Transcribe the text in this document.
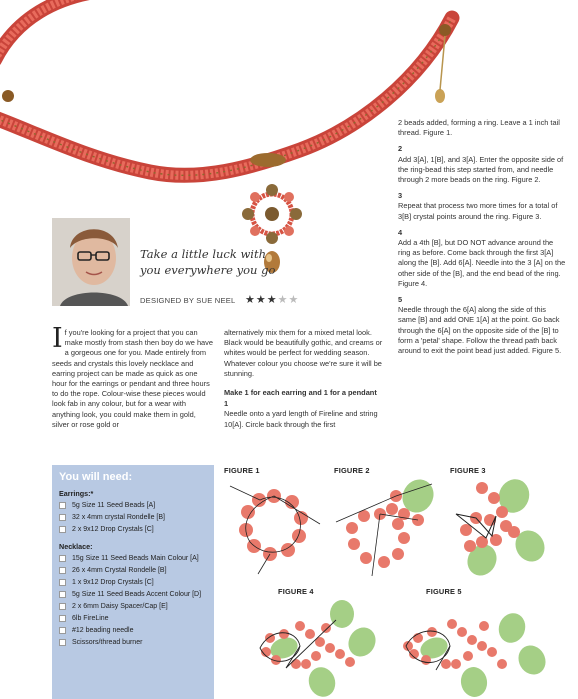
Take a little luck with
you everywhere you go
DESIGNED BY SUE NEEL ★★★★★
I f you're looking for a project that you can make mostly from stash then boy do we have a gorgeous one for you. Made entirely from seeds and crystals this lovely necklace and earring project can be made as quick as one hour for the earrings or pendant and three hours to do the rope. Colour-wise these pieces would look fab in any colour, but for a wear with anything look, you could make them in gold, silver or rose gold or
alternatively mix them for a mixed metal look. Black would be beautifully gothic, and creams or whites would be perfect for wedding season. Whatever colour you choose we're sure it will be stunning.
Make 1 for each earring and 1 for a pendant
1
Needle onto a yard length of Fireline and string 10[A]. Circle back through the first
2 beads added, forming a ring. Leave a 1 inch tail thread. Figure 1.
2
Add 3[A], 1[B], and 3[A]. Enter the opposite side of the ring-bead this step started from, and needle through 2 more beads on the ring. Figure 2.
3
Repeat that process two more times for a total of 3[B] crystal points around the ring. Figure 3.
4
Add a 4th [B], but DO NOT advance around the ring as before. Come back through the first 3[A] along the [B]. Add 6[A]. Needle into the 3 [A] on the other side of the [B], and the end bead of the ring. Figure 4.
5
Needle through the 6[A] along the side of this same [B] and add ONE 1[A] at the point. Go back through the 6[A] on the opposite side of the [B] to form a 'petal' shape. Follow the thread path back around to exit the point bead just added. Figure 5.
You will need:
Earrings:*
5g Size 11 Seed Beads [A]
32 x 4mm crystal Rondelle [B]
2 x 9x12 Drop Crystals [C]
Necklace:
15g Size 11 Seed Beads Main Colour [A]
26 x 4mm Crystal Rondelle [B]
1 x 9x12 Drop Crystals [C]
5g Size 11 Seed Beads Accent Colour [D]
2 x 6mm Daisy Spacer/Cap [E]
6lb FireLine
#12 beading needle
Scissors/thread burner
FIGURE 1	FIGURE 2	FIGURE 3
FIGURE 4	FIGURE 5
